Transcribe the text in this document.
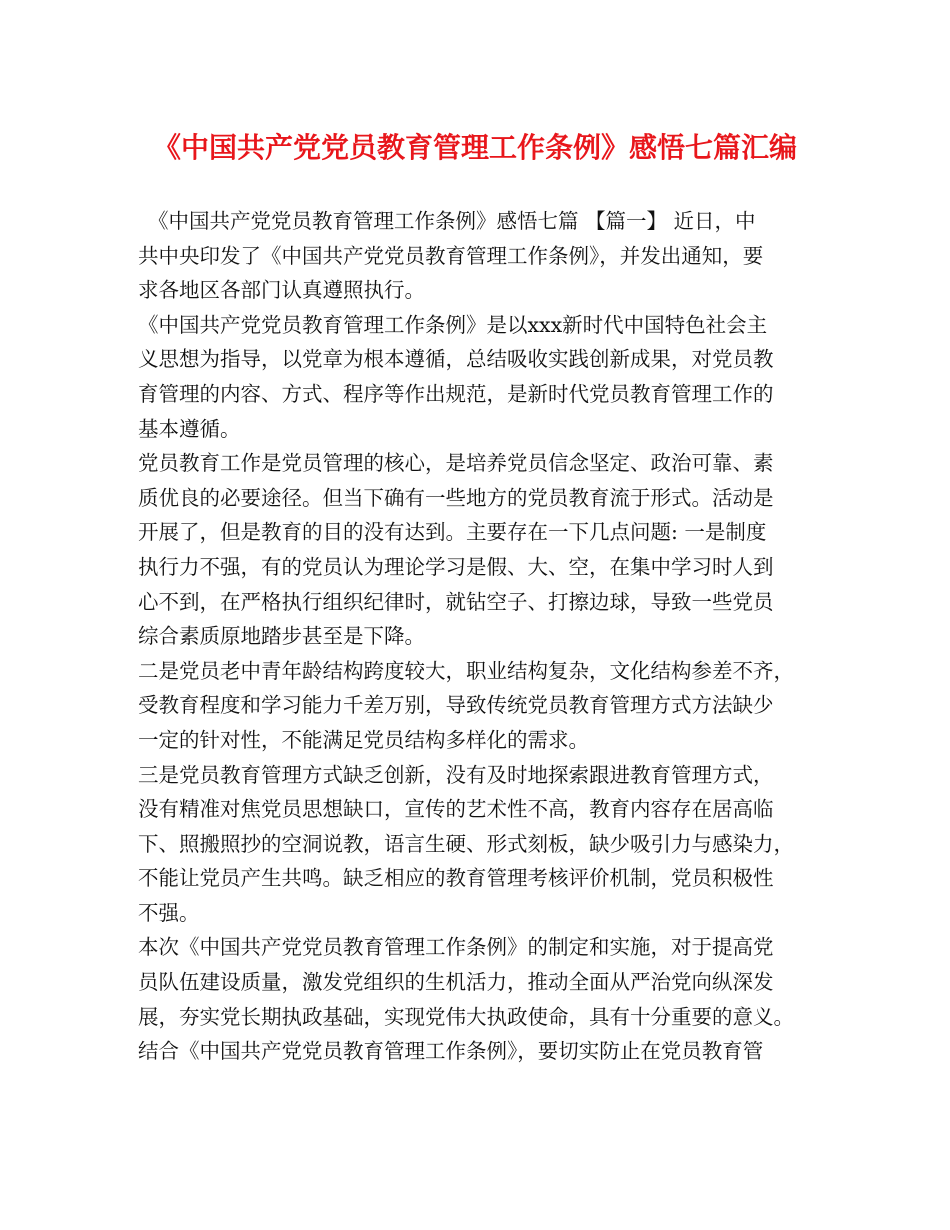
《中国共产党党员教育管理工作条例》感悟七篇汇编
《中国共产党党员教育管理工作条例》感悟七篇 【篇一】 近日，中
共中央印发了《中国共产党党员教育管理工作条例》，并发出通知，要
求各地区各部门认真遵照执行。
《中国共产党党员教育管理工作条例》是以xxx新时代中国特色社会主
义思想为指导，以党章为根本遵循，总结吸收实践创新成果，对党员教
育管理的内容、方式、程序等作出规范，是新时代党员教育管理工作的
基本遵循。
党员教育工作是党员管理的核心，是培养党员信念坚定、政治可靠、素
质优良的必要途径。但当下确有一些地方的党员教育流于形式。活动是
开展了，但是教育的目的没有达到。主要存在一下几点问题: 一是制度
执行力不强，有的党员认为理论学习是假、大、空，在集中学习时人到
心不到，在严格执行组织纪律时，就钻空子、打擦边球，导致一些党员
综合素质原地踏步甚至是下降。
二是党员老中青年龄结构跨度较大，职业结构复杂，文化结构参差不齐，
受教育程度和学习能力千差万别，导致传统党员教育管理方式方法缺少
一定的针对性，不能满足党员结构多样化的需求。
三是党员教育管理方式缺乏创新，没有及时地探索跟进教育管理方式，
没有精准对焦党员思想缺口，宣传的艺术性不高，教育内容存在居高临
下、照搬照抄的空洞说教，语言生硬、形式刻板，缺少吸引力与感染力，
不能让党员产生共鸣。缺乏相应的教育管理考核评价机制，党员积极性
不强。
本次《中国共产党党员教育管理工作条例》的制定和实施，对于提高党
员队伍建设质量，激发党组织的生机活力，推动全面从严治党向纵深发
展，夯实党长期执政基础，实现党伟大执政使命，具有十分重要的意义。
结合《中国共产党党员教育管理工作条例》，要切实防止在党员教育管
